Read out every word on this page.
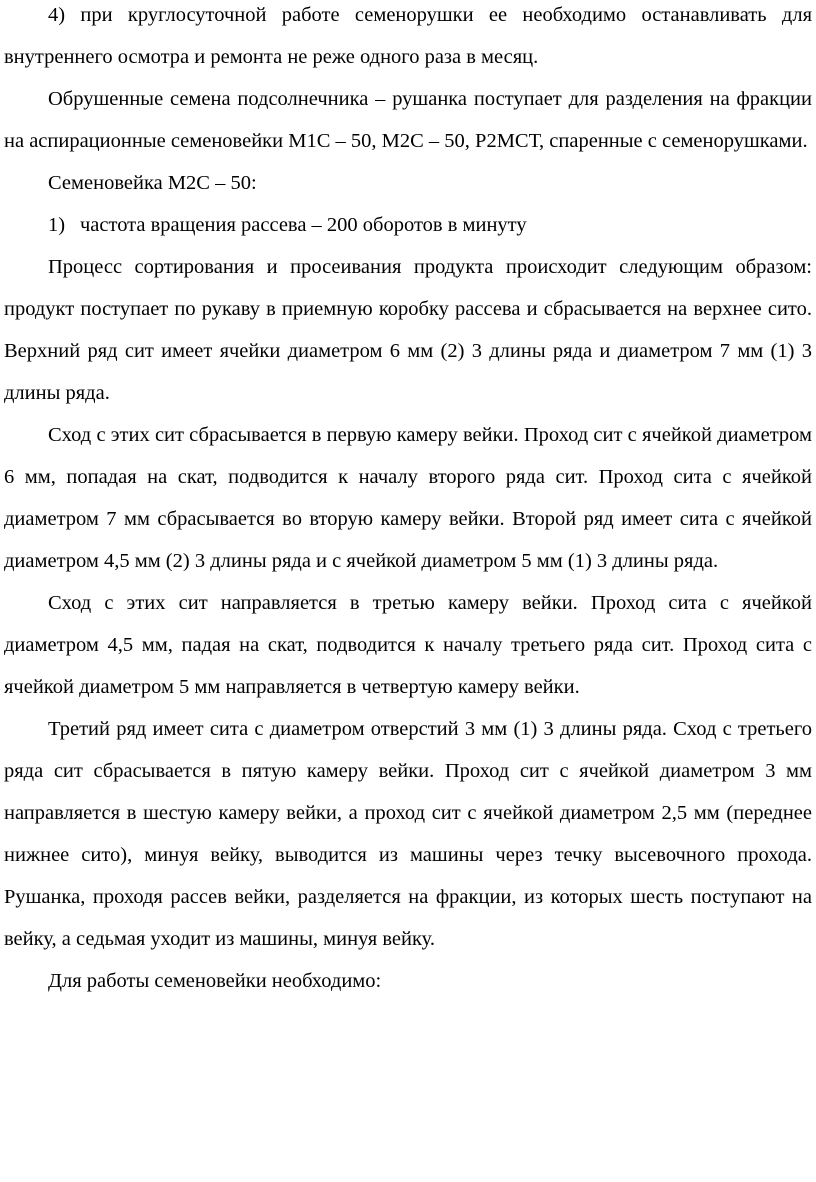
4) при круглосуточной работе семенорушки ее необходимо останавливать для внутреннего осмотра и ремонта не реже одного раза в месяц.

Обрушенные семена подсолнечника – рушанка поступает для разделения на фракции на аспирационные семеновейки М1С – 50, М2С – 50, Р2МСТ, спаренные с семенорушками.

Семеновейка М2С – 50:

1) частота вращения рассева – 200 оборотов в минуту

Процесс сортирования и просеивания продукта происходит следующим образом: продукт поступает по рукаву в приемную коробку рассева и сбрасывается на верхнее сито. Верхний ряд сит имеет ячейки диаметром 6 мм (2) 3 длины ряда и диаметром 7 мм (1) 3 длины ряда.

Сход с этих сит сбрасывается в первую камеру вейки. Проход сит с ячейкой диаметром 6 мм, попадая на скат, подводится к началу второго ряда сит. Проход сита с ячейкой диаметром 7 мм сбрасывается во вторую камеру вейки. Второй ряд имеет сита с ячейкой диаметром 4,5 мм (2) 3 длины ряда и с ячейкой диаметром 5 мм (1) 3 длины ряда.

Сход с этих сит направляется в третью камеру вейки. Проход сита с ячейкой диаметром 4,5 мм, падая на скат, подводится к началу третьего ряда сит. Проход сита с ячейкой диаметром 5 мм направляется в четвертую камеру вейки.

Третий ряд имеет сита с диаметром отверстий 3 мм (1) 3 длины ряда. Сход с третьего ряда сит сбрасывается в пятую камеру вейки. Проход сит с ячейкой диаметром 3 мм направляется в шестую камеру вейки, а проход сит с ячейкой диаметром 2,5 мм (переднее нижнее сито), минуя вейку, выводится из машины через течку высевочного прохода. Рушанка, проходя рассев вейки, разделяется на фракции, из которых шесть поступают на вейку, а седьмая уходит из машины, минуя вейку.

Для работы семеновейки необходимо:
